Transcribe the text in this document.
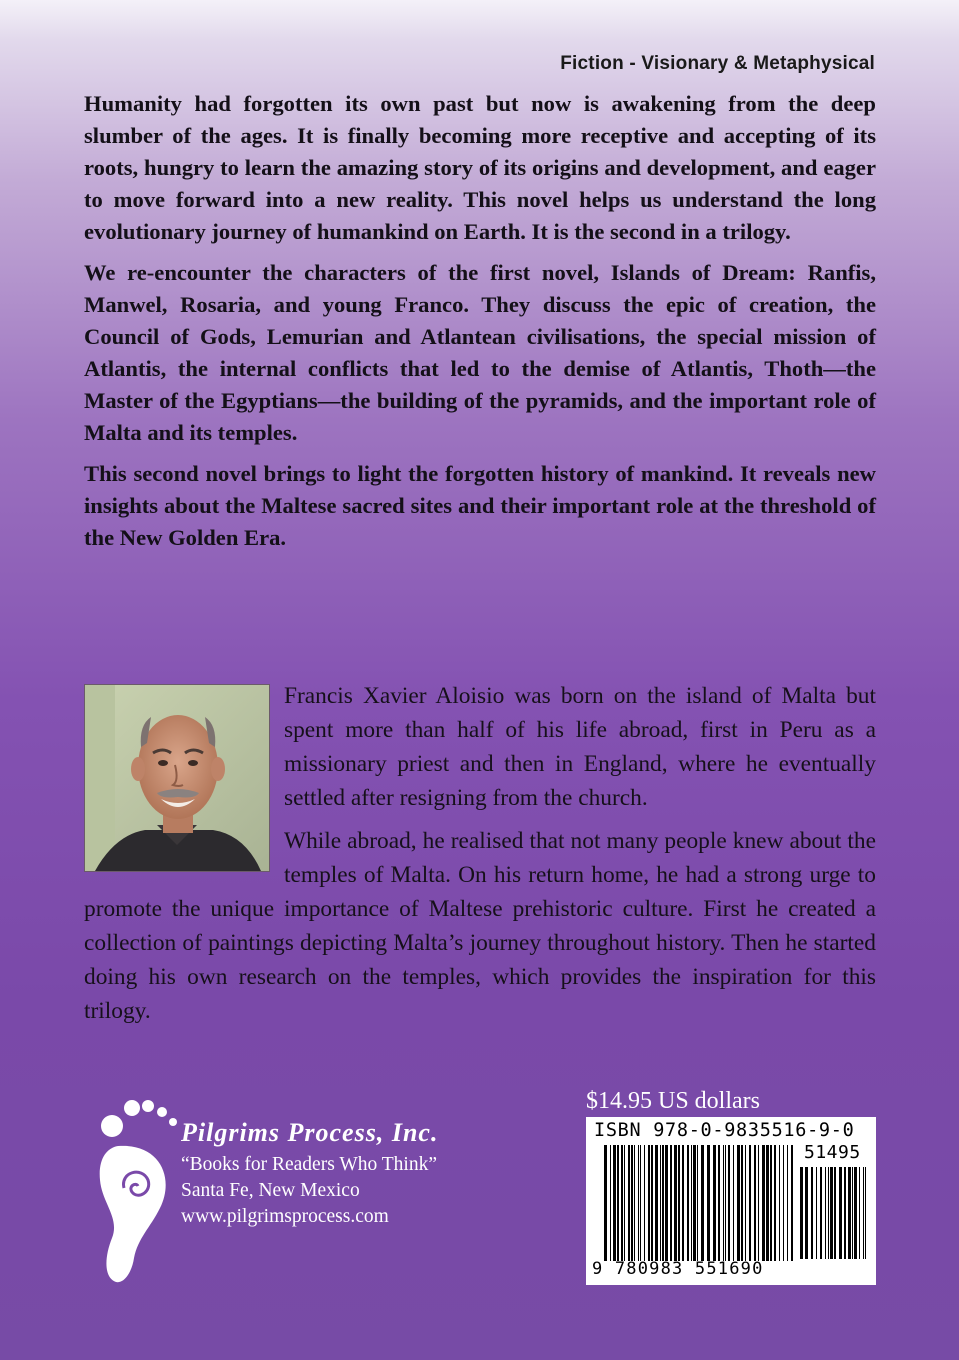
Fiction - Visionary & Metaphysical

Humanity had forgotten its own past but now is awakening from the deep slumber of the ages. It is finally becoming more receptive and accepting of its roots, hungry to learn the amazing story of its origins and development, and eager to move forward into a new reality. This novel helps us understand the long evolutionary journey of humankind on Earth. It is the second in a trilogy.

We re-encounter the characters of the first novel, Islands of Dream: Ranfis, Manwel, Rosaria, and young Franco. They discuss the epic of creation, the Council of Gods, Lemurian and Atlantean civilisations, the special mission of Atlantis, the internal conflicts that led to the demise of Atlantis, Thoth—the Master of the Egyptians—the building of the pyramids, and the important role of Malta and its temples.

This second novel brings to light the forgotten history of mankind. It reveals new insights about the Maltese sacred sites and their important role at the threshold of the New Golden Era.

Francis Xavier Aloisio was born on the island of Malta but spent more than half of his life abroad, first in Peru as a missionary priest and then in England, where he eventually settled after resigning from the church.

While abroad, he realised that not many people knew about the temples of Malta. On his return home, he had a strong urge to promote the unique importance of Maltese prehistoric culture. First he created a collection of paintings depicting Malta’s journey throughout history. Then he started doing his own research on the temples, which provides the inspiration for this trilogy.

Pilgrims Process, Inc.
“Books for Readers Who Think”
Santa Fe, New Mexico
www.pilgrimsprocess.com
$14.95 US dollars
ISBN 978-0-9835516-9-0
51495
9 780983 551690
